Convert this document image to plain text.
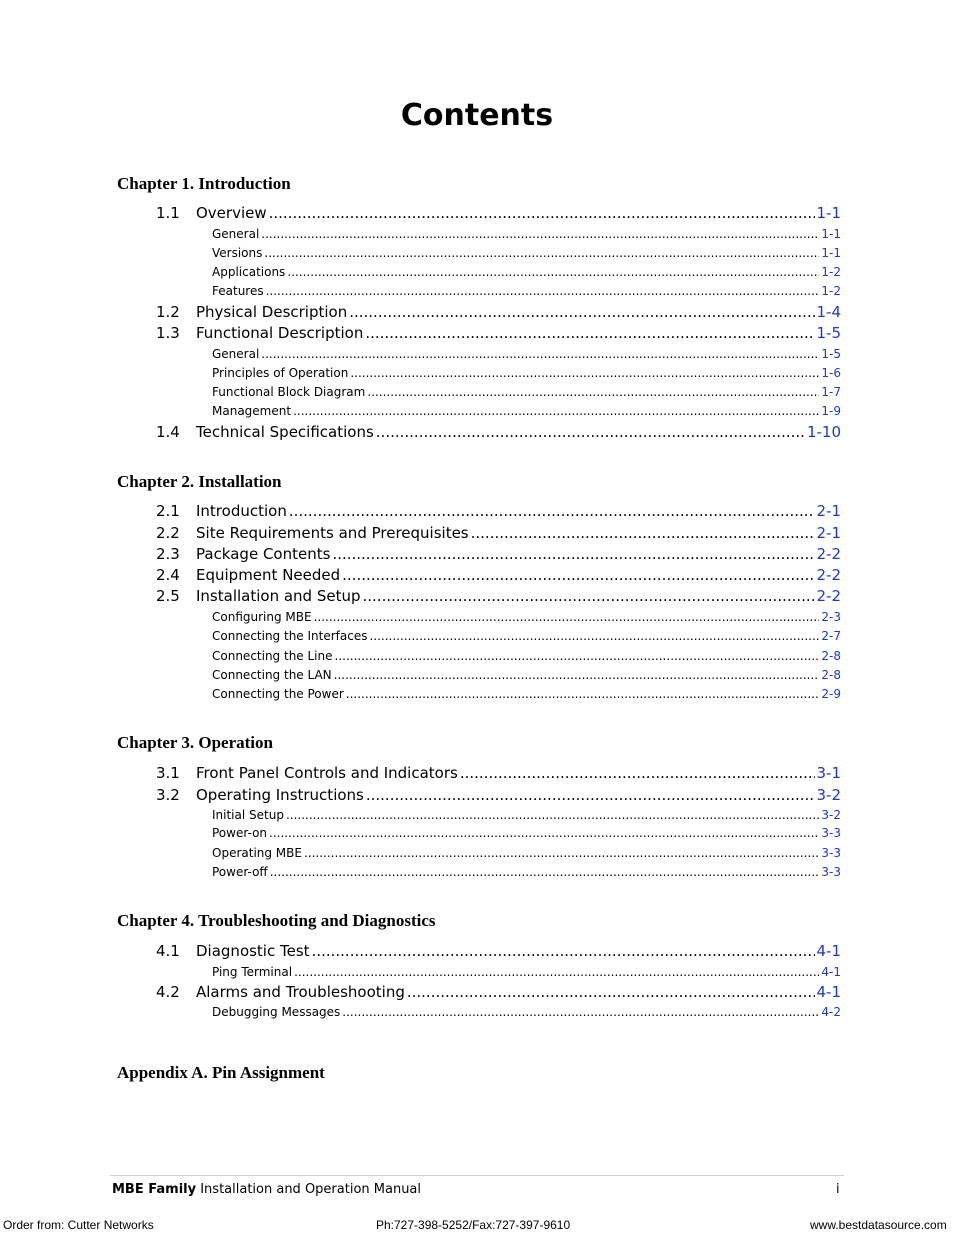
Contents
Chapter 1. Introduction
1.1	Overview .....	1-1
General .....	1-1
Versions .....	1-1
Applications .....	1-2
Features .....	1-2
1.2	Physical Description .....	1-4
1.3	Functional Description .....	1-5
General .....	1-5
Principles of Operation .....	1-6
Functional Block Diagram .....	1-7
Management .....	1-9
1.4	Technical Specifications .....	1-10
Chapter 2. Installation
2.1	Introduction .....	2-1
2.2	Site Requirements and Prerequisites .....	2-1
2.3	Package Contents .....	2-2
2.4	Equipment Needed .....	2-2
2.5	Installation and Setup .....	2-2
Configuring MBE .....	2-3
Connecting the Interfaces .....	2-7
Connecting the Line .....	2-8
Connecting the LAN .....	2-8
Connecting the Power .....	2-9
Chapter 3. Operation
3.1	Front Panel Controls and Indicators .....	3-1
3.2	Operating Instructions .....	3-2
Initial Setup .....	3-2
Power-on .....	3-3
Operating MBE .....	3-3
Power-off .....	3-3
Chapter 4. Troubleshooting and Diagnostics
4.1	Diagnostic Test .....	4-1
Ping Terminal .....	4-1
4.2	Alarms and Troubleshooting .....	4-1
Debugging Messages .....	4-2
Appendix A. Pin Assignment
MBE Family Installation and Operation Manual	i
Order from: Cutter Networks	Ph:727-398-5252/Fax:727-397-9610	www.bestdatasource.com
